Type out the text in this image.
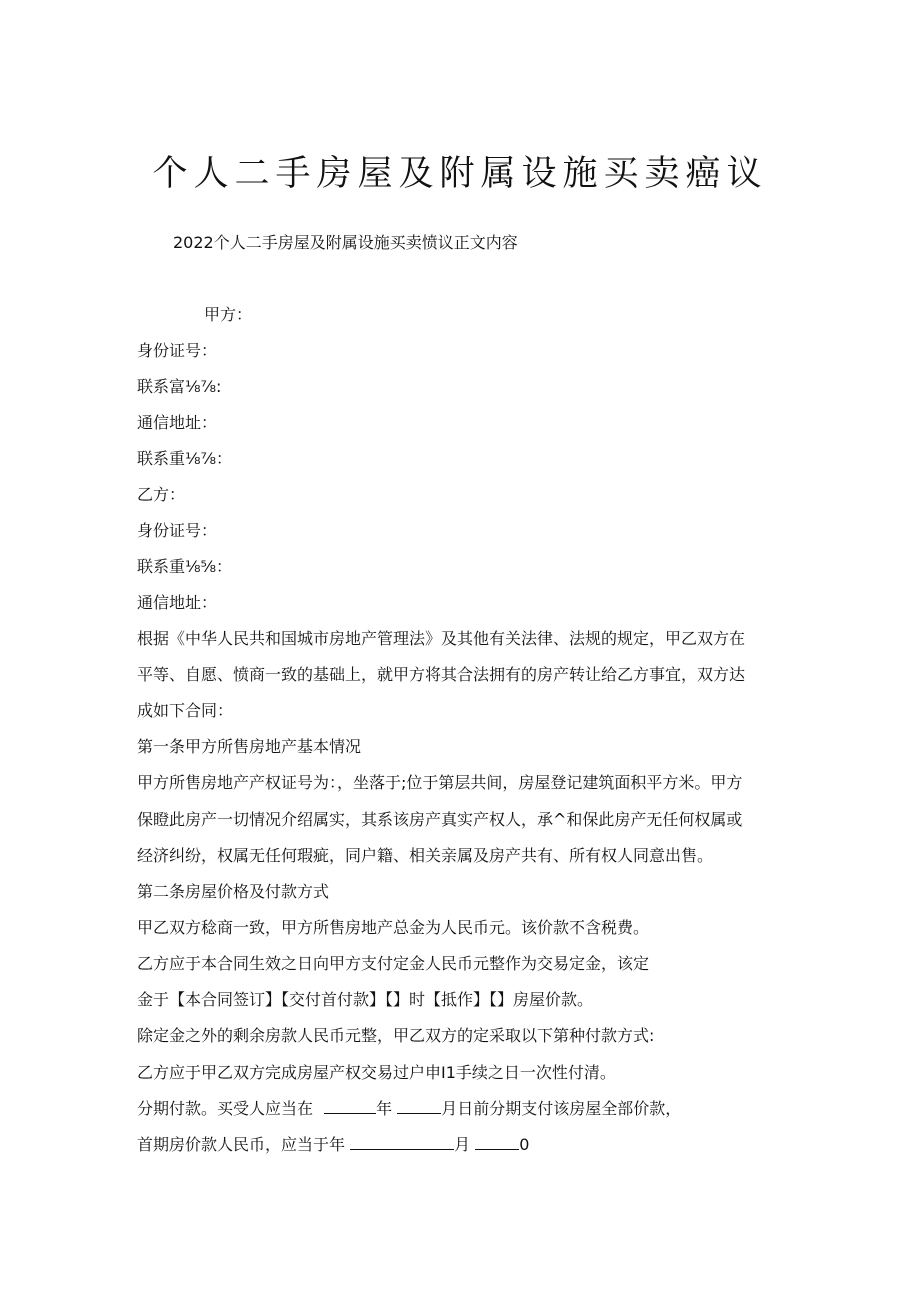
个人二手房屋及附属设施买卖癌议
2022个人二手房屋及附属设施买卖愤议正文内容
甲方：
身份证号：
联系富⅛⅞:
通信地址：
联系重⅛⅞：
乙方：
身份证号：
联系重⅛⅝：
通信地址：
根据《中华人民共和国城市房地产管理法》及其他有关法律、法规的规定，甲乙双方在
平等、自愿、愤商一致的基础上，就甲方将其合法拥有的房产转让给乙方事宜，双方达
成如下合同：
第一条甲方所售房地产基本情况
甲方所售房地产产权证号为：，坐落于;位于第层共间，房屋登记建筑面积平方米。甲方
保瞪此房产一切情况介绍属实，其系该房产真实产权人，承^和保此房产无任何权属或
经济纠纷，权属无任何瑕疵，同户籍、相关亲属及房产共有、所有权人同意出售。
第二条房屋价格及付款方式
甲乙双方稔商一致，甲方所售房地产总金为人民币元。该价款不含税费。
乙方应于本合同生效之日向甲方支付定金人民币元整作为交易定金，该定
金于【本合同签订】【交付首付款】【】时【抵作】【】房屋价款。
除定金之外的剩余房款人民币元整，甲乙双方的定采取以下第种付款方式:
乙方应于甲乙双方完成房屋产权交易过户申I1手续之日一次性付清。
分期付款。买受人应当在	年	月日前分期支付该房屋全部价款，
首期房价款人民币，应当于年	月	0
